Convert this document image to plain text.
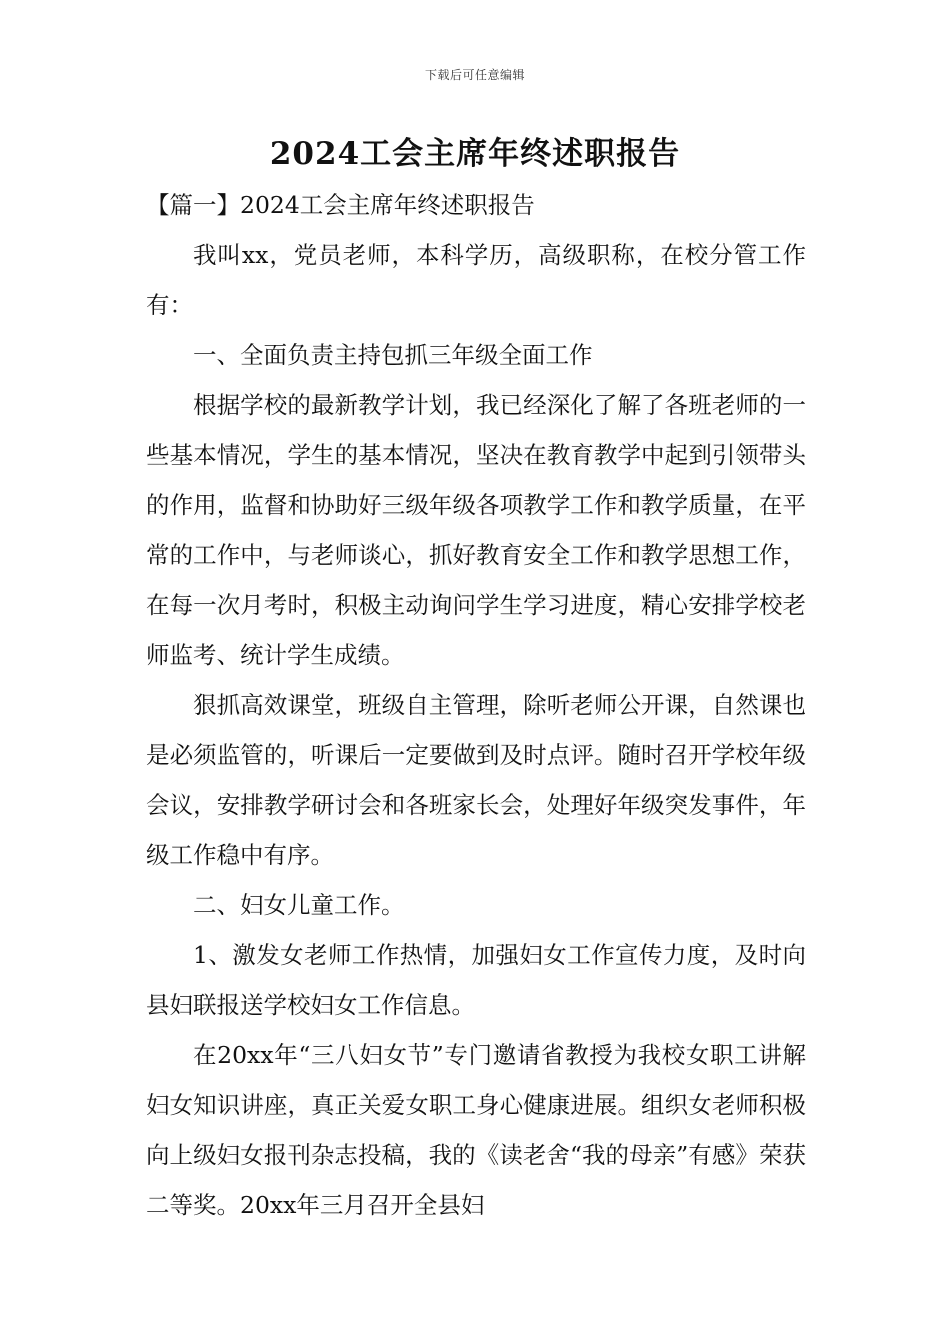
下载后可任意编辑
2024工会主席年终述职报告

【篇一】2024工会主席年终述职报告

我叫xx，党员老师，本科学历，高级职称，在校分管工作有：

一、全面负责主持包抓三年级全面工作

根据学校的最新教学计划，我已经深化了解了各班老师的一些基本情况，学生的基本情况，坚决在教育教学中起到引领带头的作用，监督和协助好三级年级各项教学工作和教学质量，在平常的工作中，与老师谈心，抓好教育安全工作和教学思想工作，在每一次月考时，积极主动询问学生学习进度，精心安排学校老师监考、统计学生成绩。

狠抓高效课堂，班级自主管理，除听老师公开课，自然课也是必须监管的，听课后一定要做到及时点评。随时召开学校年级会议，安排教学研讨会和各班家长会，处理好年级突发事件，年级工作稳中有序。

二、妇女儿童工作。

1、激发女老师工作热情，加强妇女工作宣传力度，及时向县妇联报送学校妇女工作信息。

在20xx年“三八妇女节”专门邀请省教授为我校女职工讲解妇女知识讲座，真正关爱女职工身心健康进展。组织女老师积极向上级妇女报刊杂志投稿，我的《读老舍“我的母亲”有感》荣获二等奖。20xx年三月召开全县妇
